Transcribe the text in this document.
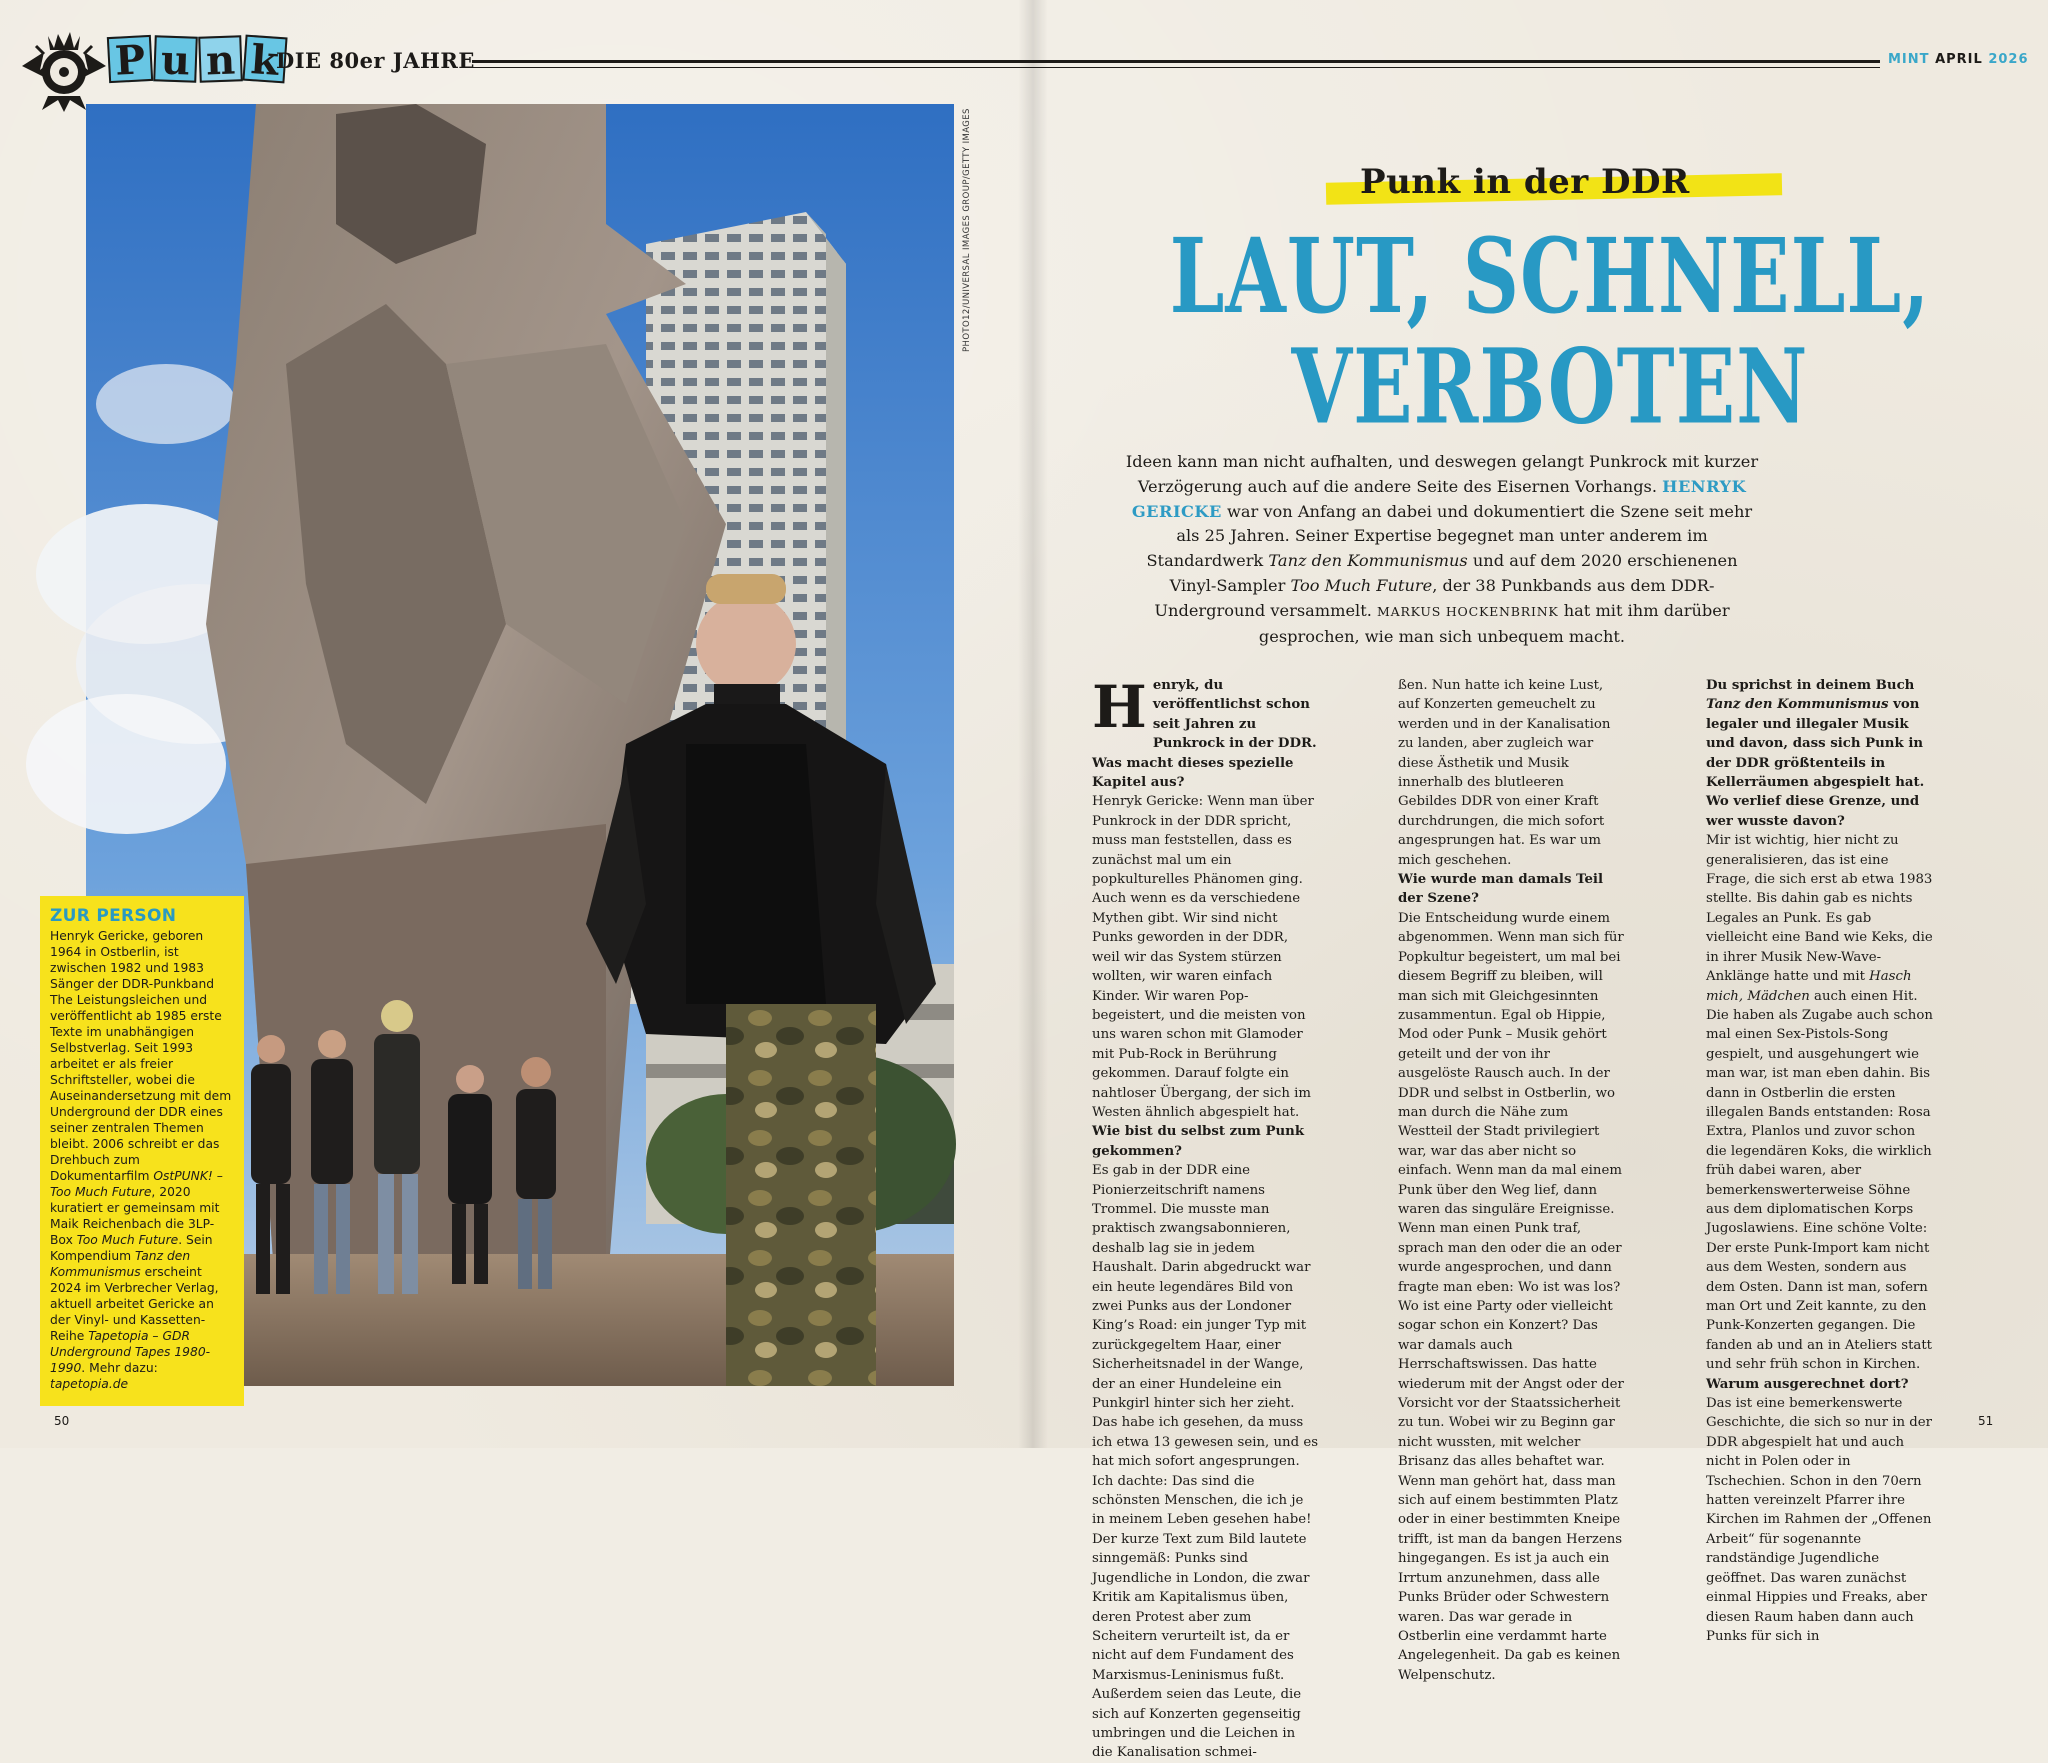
P u n k
DIE 80er JAHRE	MINT APRIL 2026
PHOTO12/UNIVERSAL IMAGES GROUP/GETTY IMAGES
ZUR PERSON

Henryk Gericke, geboren 1964 in Ostberlin, ist zwischen 1982 und 1983 Sänger der DDR-Punkband The Leistungsleichen und veröffentlicht ab 1985 erste Texte im unabhängigen Selbstverlag. Seit 1993 arbeitet er als freier Schriftsteller, wobei die Auseinandersetzung mit dem Underground der DDR eines seiner zentralen Themen bleibt. 2006 schreibt er das Drehbuch zum Dokumentarfilm OstPUNK! – Too Much Future, 2020 kuratiert er gemeinsam mit Maik Reichenbach die 3LP-Box Too Much Future. Sein Kompendium Tanz den Kommunismus erscheint 2024 im Verbrecher Verlag, aktuell arbeitet Gericke an der Vinyl- und Kassetten-Reihe Tapetopia – GDR Underground Tapes 1980-1990. Mehr dazu: tapetopia.de

50	51
Punk in der DDR
LAUT, SCHNELL,
VERBOTEN

Ideen kann man nicht aufhalten, und deswegen gelangt Punkrock mit kurzer Verzögerung auch auf die andere Seite des Eisernen Vorhangs. HENRYK GERICKE war von Anfang an dabei und dokumentiert die Szene seit mehr als 25 Jahren. Seiner Expertise begegnet man unter anderem im Standardwerk Tanz den Kommunismus und auf dem 2020 erschienenen Vinyl-Sampler Too Much Future, der 38 Punkbands aus dem DDR-Underground versammelt. MARKUS HOCKENBRINK hat mit ihm darüber gesprochen, wie man sich unbequem macht.

H enryk, du veröffentlichst schon seit Jahren zu Punkrock in der DDR. Was macht dieses spezielle Kapitel aus?

Henryk Gericke: Wenn man über Punkrock in der DDR spricht, muss man feststellen, dass es zunächst mal um ein popkulturelles Phänomen ging. Auch wenn es da verschiedene Mythen gibt. Wir sind nicht Punks geworden in der DDR, weil wir das System stürzen wollten, wir waren einfach Kinder. Wir waren Pop-begeistert, und die meisten von uns waren schon mit Glamoder mit Pub-Rock in Berührung gekommen. Darauf folgte ein nahtloser Übergang, der sich im Westen ähnlich abgespielt hat.

Wie bist du selbst zum Punk gekommen?

Es gab in der DDR eine Pionierzeitschrift namens Trommel. Die musste man praktisch zwangsabonnieren, deshalb lag sie in jedem Haushalt. Darin abgedruckt war ein heute legendäres Bild von zwei Punks aus der Londoner King’s Road: ein junger Typ mit zurückgegeltem Haar, einer Sicherheitsnadel in der Wange, der an einer Hundeleine ein Punkgirl hinter sich her zieht. Das habe ich gesehen, da muss ich etwa 13 gewesen sein, und es hat mich sofort angesprungen. Ich dachte: Das sind die schönsten Menschen, die ich je in meinem Leben gesehen habe! Der kurze Text zum Bild lautete sinngemäß: Punks sind Jugendliche in London, die zwar Kritik am Kapitalismus üben, deren Protest aber zum Scheitern verurteilt ist, da er nicht auf dem Fundament des Marxismus-Leninismus fußt. Außerdem seien das Leute, die sich auf Konzerten gegenseitig umbringen und die Leichen in die Kanalisation schmei-

ßen. Nun hatte ich keine Lust, auf Konzerten gemeuchelt zu werden und in der Kanalisation zu landen, aber zugleich war diese Ästhetik und Musik innerhalb des blutleeren Gebildes DDR von einer Kraft durchdrungen, die mich sofort angesprungen hat. Es war um mich geschehen.

Wie wurde man damals Teil der Szene?

Die Entscheidung wurde einem abgenommen. Wenn man sich für Popkultur begeistert, um mal bei diesem Begriff zu bleiben, will man sich mit Gleichgesinnten zusammentun. Egal ob Hippie, Mod oder Punk – Musik gehört geteilt und der von ihr ausgelöste Rausch auch. In der DDR und selbst in Ostberlin, wo man durch die Nähe zum Westteil der Stadt privilegiert war, war das aber nicht so einfach. Wenn man da mal einem Punk über den Weg lief, dann waren das singuläre Ereignisse. Wenn man einen Punk traf, sprach man den oder die an oder wurde angesprochen, und dann fragte man eben: Wo ist was los? Wo ist eine Party oder vielleicht sogar schon ein Konzert? Das war damals auch Herrschaftswissen. Das hatte wiederum mit der Angst oder der Vorsicht vor der Staatssicherheit zu tun. Wobei wir zu Beginn gar nicht wussten, mit welcher Brisanz das alles behaftet war. Wenn man gehört hat, dass man sich auf einem bestimmten Platz oder in einer bestimmten Kneipe trifft, ist man da bangen Herzens hingegangen. Es ist ja auch ein Irrtum anzunehmen, dass alle Punks Brüder oder Schwestern waren. Das war gerade in Ostberlin eine verdammt harte Angelegenheit. Da gab es keinen Welpenschutz.

Du sprichst in deinem Buch Tanz den Kommunismus von legaler und illegaler Musik und davon, dass sich Punk in der DDR größtenteils in Kellerräumen abgespielt hat. Wo verlief diese Grenze, und wer wusste davon?

Mir ist wichtig, hier nicht zu generalisieren, das ist eine Frage, die sich erst ab etwa 1983 stellte. Bis dahin gab es nichts Legales an Punk. Es gab vielleicht eine Band wie Keks, die in ihrer Musik New-Wave-Anklänge hatte und mit Hasch mich, Mädchen auch einen Hit. Die haben als Zugabe auch schon mal einen Sex-Pistols-Song gespielt, und ausgehungert wie man war, ist man eben dahin. Bis dann in Ostberlin die ersten illegalen Bands entstanden: Rosa Extra, Planlos und zuvor schon die legendären Koks, die wirklich früh dabei waren, aber bemerkenswerterweise Söhne aus dem diplomatischen Korps Jugoslawiens. Eine schöne Volte: Der erste Punk-Import kam nicht aus dem Westen, sondern aus dem Osten. Dann ist man, sofern man Ort und Zeit kannte, zu den Punk-Konzerten gegangen. Die fanden ab und an in Ateliers statt und sehr früh schon in Kirchen.

Warum ausgerechnet dort?

Das ist eine bemerkenswerte Geschichte, die sich so nur in der DDR abgespielt hat und auch nicht in Polen oder in Tschechien. Schon in den 70ern hatten vereinzelt Pfarrer ihre Kirchen im Rahmen der „Offenen Arbeit“ für sogenannte randständige Jugendliche geöffnet. Das waren zunächst einmal Hippies und Freaks, aber diesen Raum haben dann auch Punks für sich in
